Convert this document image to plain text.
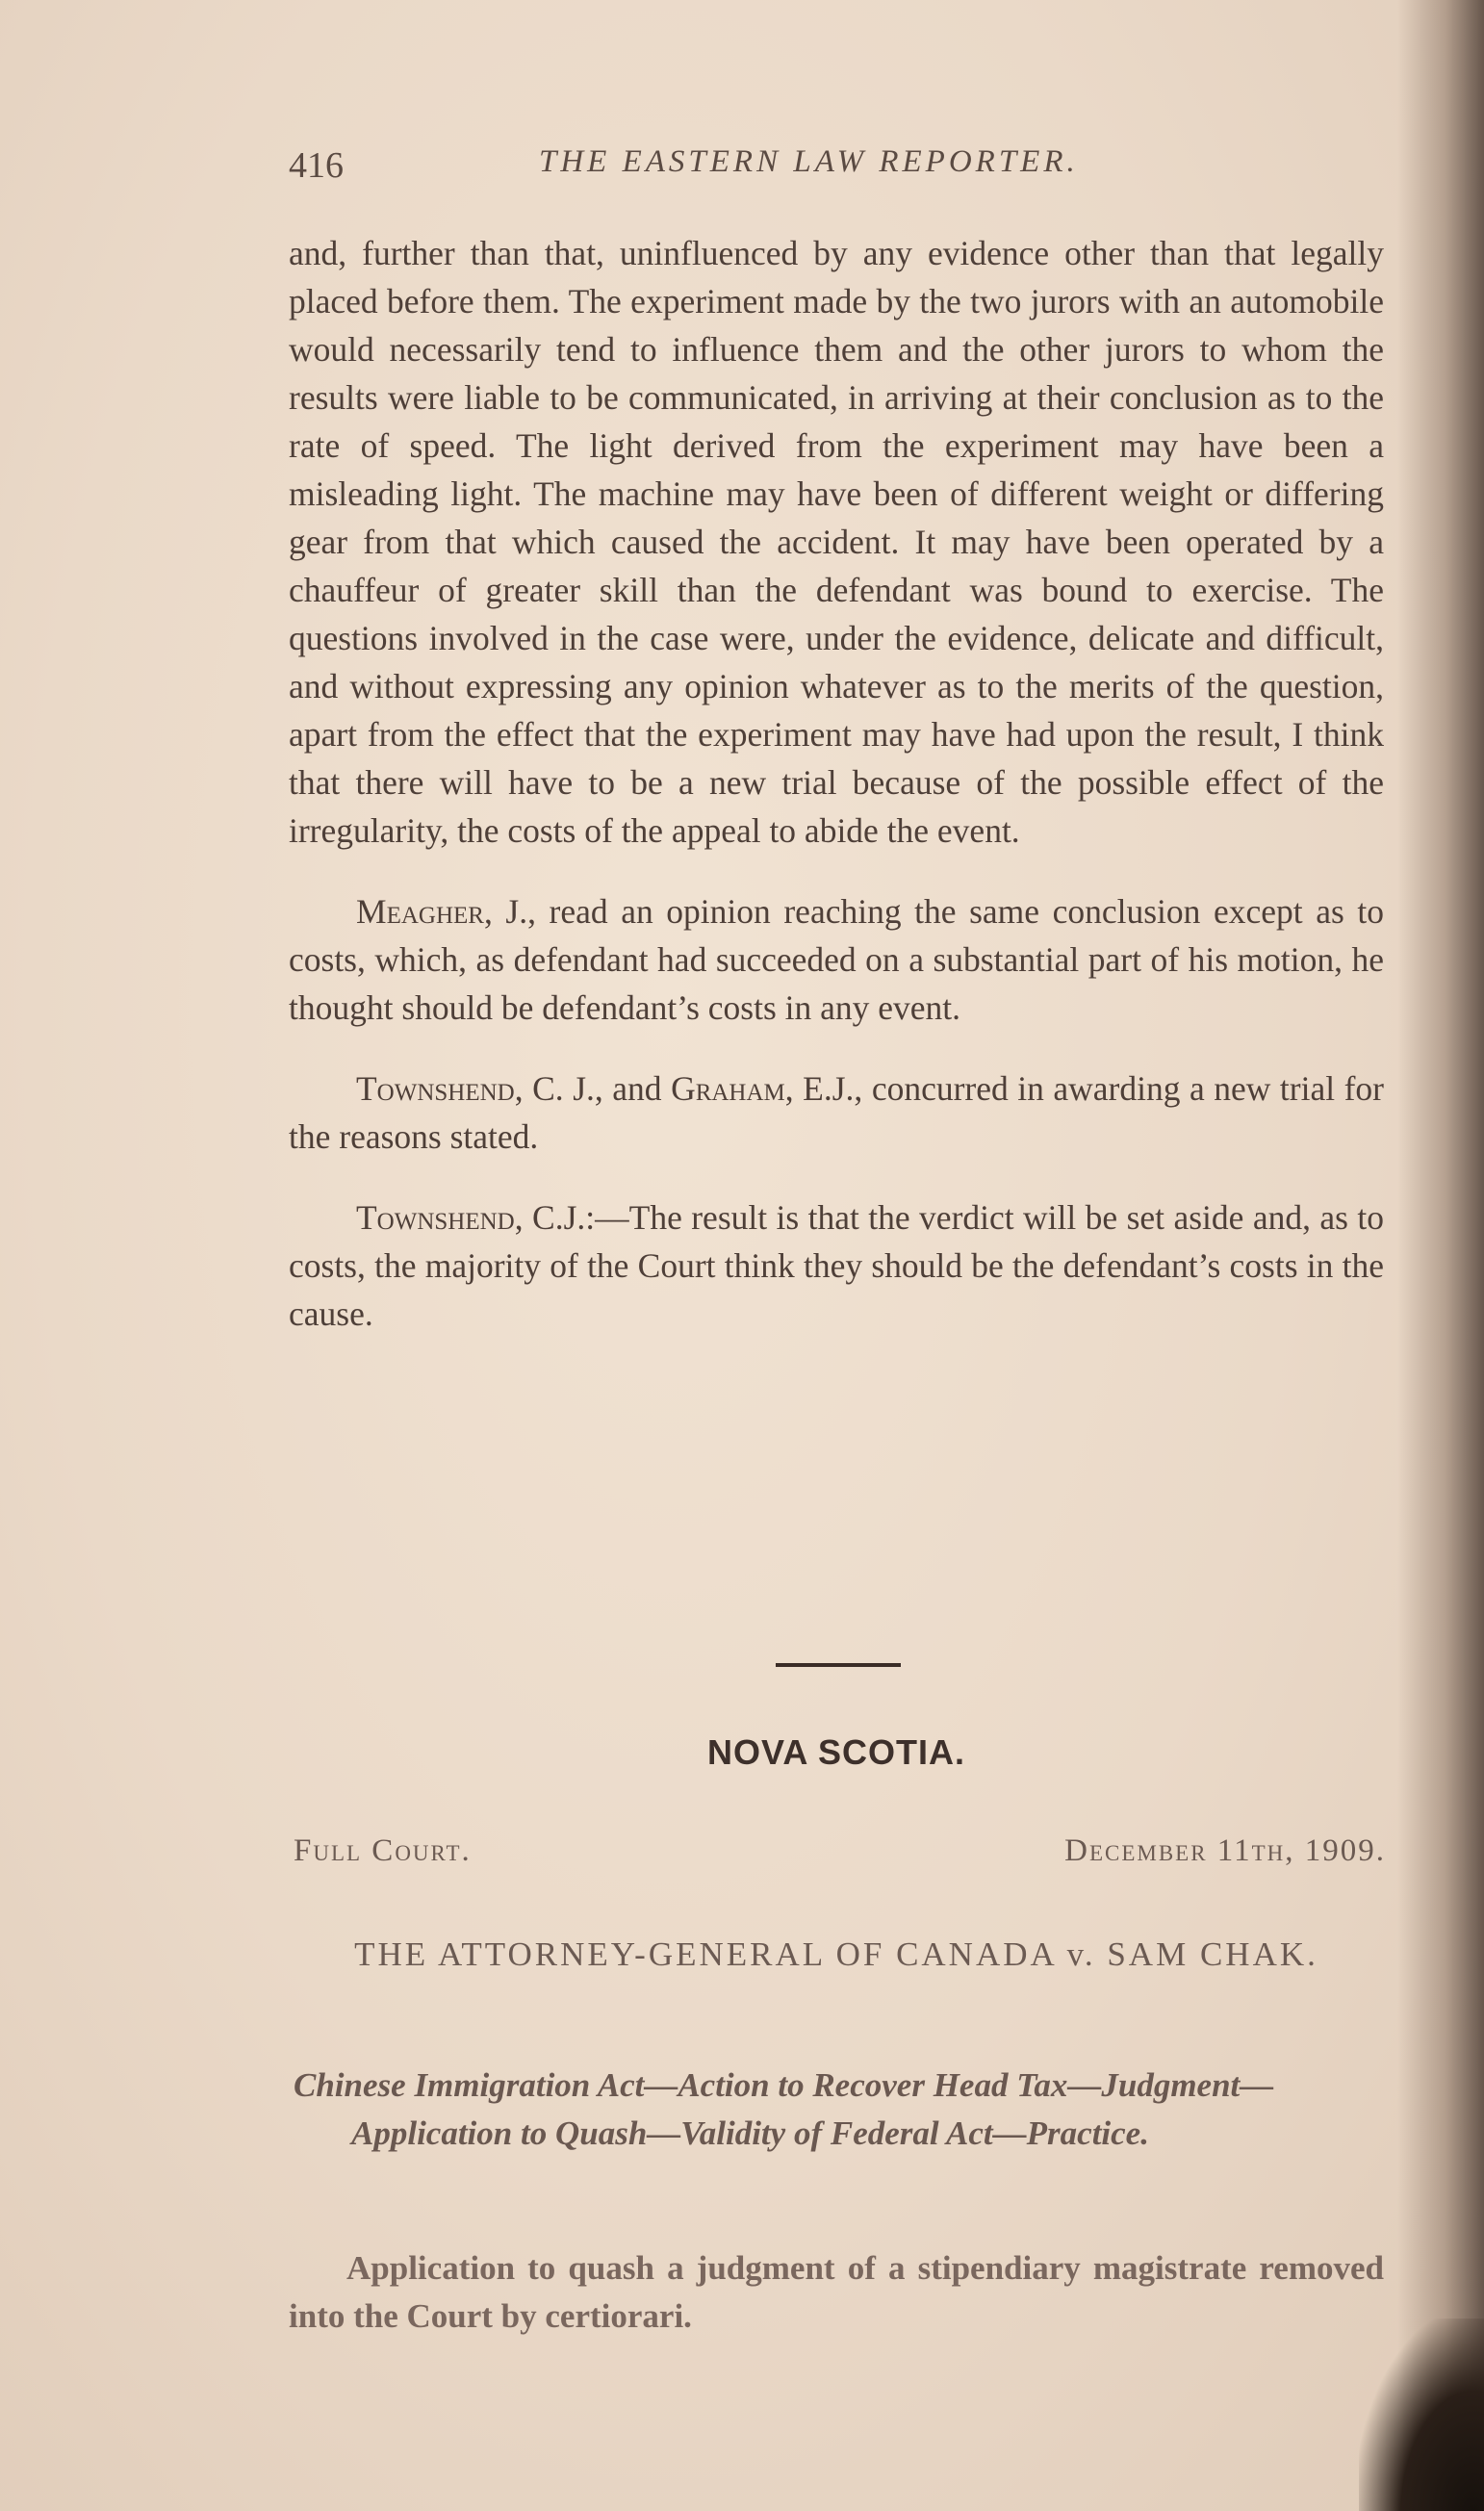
416	THE EASTERN LAW REPORTER.

and, further than that, uninfluenced by any evidence other than that legally placed before them. The experiment made by the two jurors with an automobile would necessarily tend to influence them and the other jurors to whom the results were liable to be communicated, in arriving at their conclusion as to the rate of speed. The light derived from the experiment may have been a misleading light. The machine may have been of different weight or differing gear from that which caused the accident. It may have been operated by a chauffeur of greater skill than the defendant was bound to exercise. The questions involved in the case were, under the evidence, delicate and difficult, and without expressing any opinion whatever as to the merits of the question, apart from the effect that the experiment may have had upon the result, I think that there will have to be a new trial because of the possible effect of the irregularity, the costs of the appeal to abide the event.

Meagher, J., read an opinion reaching the same conclusion except as to costs, which, as defendant had succeeded on a substantial part of his motion, he thought should be defendant’s costs in any event.

Townshend, C. J., and Graham, E.J., concurred in awarding a new trial for the reasons stated.

Townshend, C.J.:—The result is that the verdict will be set aside and, as to costs, the majority of the Court think they should be the defendant’s costs in the cause.

NOVA SCOTIA.
Full Court.	December 11th, 1909.
THE ATTORNEY-GENERAL OF CANADA v. SAM CHAK.
Chinese Immigration Act—Action to Recover Head Tax—Judgment—Application to Quash—Validity of Federal Act—Practice.
Application to quash a judgment of a stipendiary magistrate removed into the Court by certiorari.
